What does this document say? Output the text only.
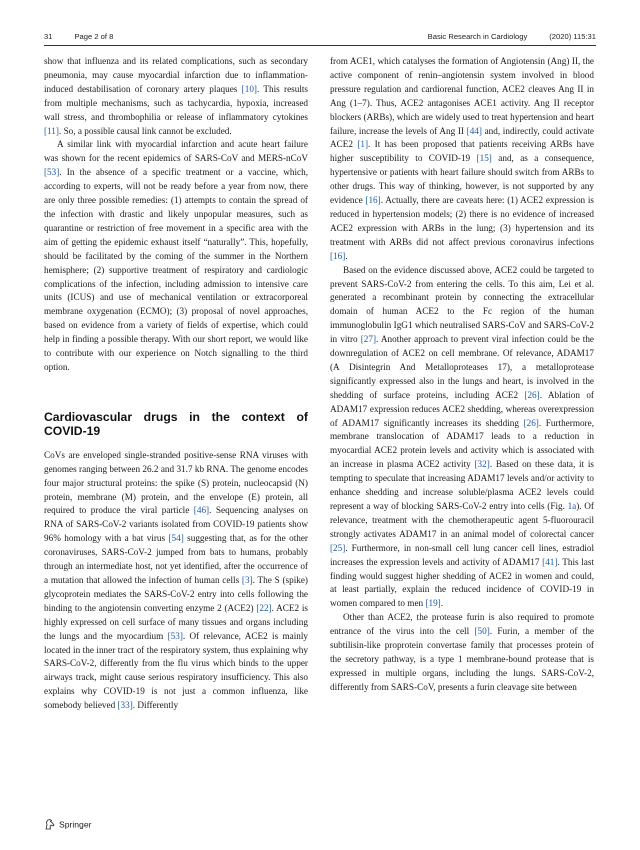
31	Page 2 of 8	Basic Research in Cardiology	(2020) 115:31

show that influenza and its related complications, such as secondary pneumonia, may cause myocardial infarction due to inflammation-induced destabilisation of coronary artery plaques [10]. This results from multiple mechanisms, such as tachycardia, hypoxia, increased wall stress, and thrombophilia or release of inflammatory cytokines [11]. So, a possible causal link cannot be excluded.

A similar link with myocardial infarction and acute heart failure was shown for the recent epidemics of SARS-CoV and MERS-nCoV [53]. In the absence of a specific treatment or a vaccine, which, according to experts, will not be ready before a year from now, there are only three possible remedies: (1) attempts to contain the spread of the infection with drastic and likely unpopular measures, such as quarantine or restriction of free movement in a specific area with the aim of getting the epidemic exhaust itself “naturally”. This, hopefully, should be facilitated by the coming of the summer in the Northern hemisphere; (2) supportive treatment of respiratory and cardiologic complications of the infection, including admission to intensive care units (ICUS) and use of mechanical ventilation or extracorporeal membrane oxygenation (ECMO); (3) proposal of novel approaches, based on evidence from a variety of fields of expertise, which could help in finding a possible therapy. With our short report, we would like to contribute with our experience on Notch signalling to the third option.

Cardiovascular drugs in the context of COVID-19

CoVs are enveloped single-stranded positive-sense RNA viruses with genomes ranging between 26.2 and 31.7 kb RNA. The genome encodes four major structural proteins: the spike (S) protein, nucleocapsid (N) protein, membrane (M) protein, and the envelope (E) protein, all required to produce the viral particle [46]. Sequencing analyses on RNA of SARS-CoV-2 variants isolated from COVID-19 patients show 96% homology with a bat virus [54] suggesting that, as for the other coronaviruses, SARS-CoV-2 jumped from bats to humans, probably through an intermediate host, not yet identified, after the occurrence of a mutation that allowed the infection of human cells [3]. The S (spike) glycoprotein mediates the SARS-CoV-2 entry into cells following the binding to the angiotensin converting enzyme 2 (ACE2) [22]. ACE2 is highly expressed on cell surface of many tissues and organs including the lungs and the myocardium [53]. Of relevance, ACE2 is mainly located in the inner tract of the respiratory system, thus explaining why SARS-CoV-2, differently from the flu virus which binds to the upper airways track, might cause serious respiratory insufficiency. This also explains why COVID-19 is not just a common influenza, like somebody believed [33]. Differently

from ACE1, which catalyses the formation of Angiotensin (Ang) II, the active component of renin–angiotensin system involved in blood pressure regulation and cardiorenal function, ACE2 cleaves Ang II in Ang (1–7). Thus, ACE2 antagonises ACE1 activity. Ang II receptor blockers (ARBs), which are widely used to treat hypertension and heart failure, increase the levels of Ang II [44] and, indirectly, could activate ACE2 [1]. It has been proposed that patients receiving ARBs have higher susceptibility to COVID-19 [15] and, as a consequence, hypertensive or patients with heart failure should switch from ARBs to other drugs. This way of thinking, however, is not supported by any evidence [16]. Actually, there are caveats here: (1) ACE2 expression is reduced in hypertension models; (2) there is no evidence of increased ACE2 expression with ARBs in the lung; (3) hypertension and its treatment with ARBs did not affect previous coronavirus infections [16].

Based on the evidence discussed above, ACE2 could be targeted to prevent SARS-CoV-2 from entering the cells. To this aim, Lei et al. generated a recombinant protein by connecting the extracellular domain of human ACE2 to the Fc region of the human immunoglobulin IgG1 which neutralised SARS-CoV and SARS-CoV-2 in vitro [27]. Another approach to prevent viral infection could be the downregulation of ACE2 on cell membrane. Of relevance, ADAM17 (A Disintegrin And Metalloproteases 17), a metalloprotease significantly expressed also in the lungs and heart, is involved in the shedding of surface proteins, including ACE2 [26]. Ablation of ADAM17 expression reduces ACE2 shedding, whereas overexpression of ADAM17 significantly increases its shedding [26]. Furthermore, membrane translocation of ADAM17 leads to a reduction in myocardial ACE2 protein levels and activity which is associated with an increase in plasma ACE2 activity [32]. Based on these data, it is tempting to speculate that increasing ADAM17 levels and/or activity to enhance shedding and increase soluble/plasma ACE2 levels could represent a way of blocking SARS-CoV-2 entry into cells (Fig. 1a). Of relevance, treatment with the chemotherapeutic agent 5-fluorouracil strongly activates ADAM17 in an animal model of colorectal cancer [25]. Furthermore, in non-small cell lung cancer cell lines, estradiol increases the expression levels and activity of ADAM17 [41]. This last finding would suggest higher shedding of ACE2 in women and could, at least partially, explain the reduced incidence of COVID-19 in women compared to men [19].

Other than ACE2, the protease furin is also required to promote entrance of the virus into the cell [50]. Furin, a member of the subtilisin-like proprotein convertase family that processes protein of the secretory pathway, is a type 1 membrane-bound protease that is expressed in multiple organs, including the lungs. SARS-CoV-2, differently from SARS-CoV, presents a furin cleavage site between

Springer
